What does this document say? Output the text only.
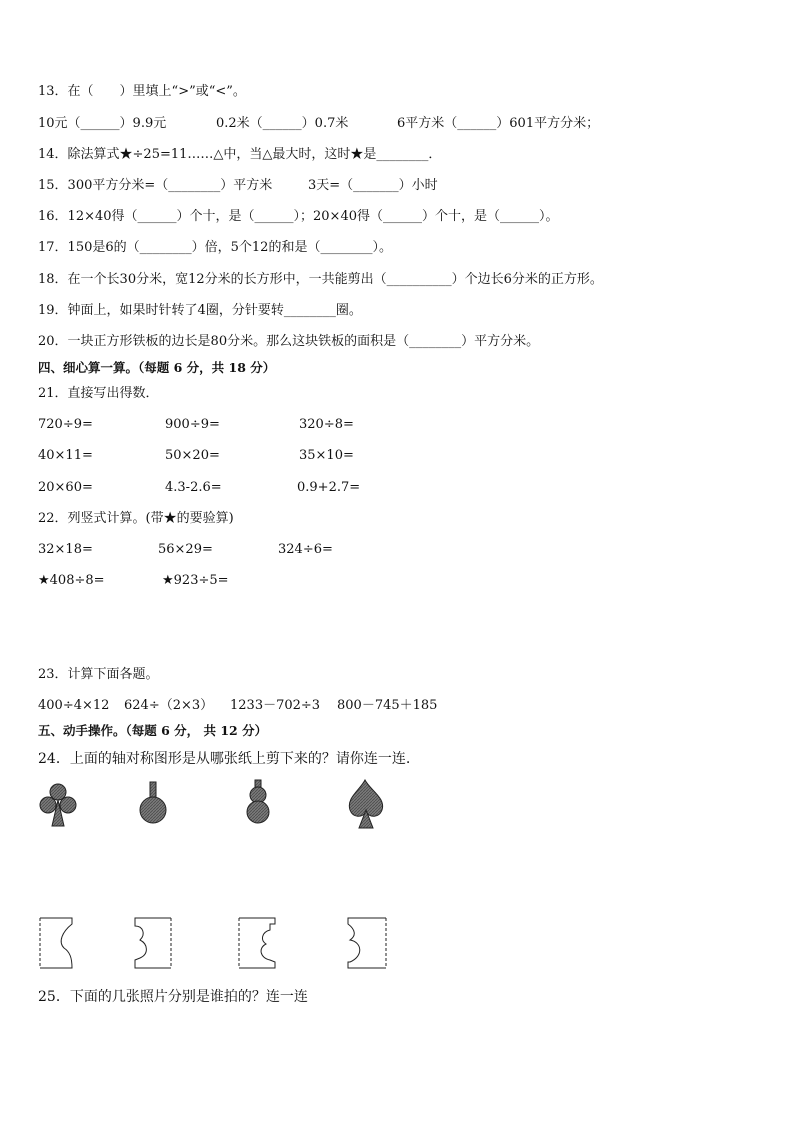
13．在（　　）里填上“>”或“<”。
10元（______）9.9元	0.2米（______）0.7米	6平方米（______）601平方分米；
14．除法算式★÷25=11……△中，当△最大时，这时★是________．
15．300平方分米=（________）平方米	3天=（_______）小时
16．12×40得（______）个十，是（______）；20×40得（______）个十，是（______）。
17．150是6的（________）倍，5个12的和是（________）。
18．在一个长30分米，宽12分米的长方形中，一共能剪出（__________）个边长6分米的正方形。
19．钟面上，如果时针转了4圈，分针要转________圈。
20．一块正方形铁板的边长是80分米。那么这块铁板的面积是（________）平方分米。
四、细心算一算。（每题 6 分，共 18 分）
21．直接写出得数．
720÷9=	900÷9=	320÷8=
40×11=	50×20=	35×10=
20×60=	4.3-2.6=	0.9+2.7=
22．列竖式计算。(带★的要验算)
32×18=	56×29=	324÷6=
★408÷8=	★923÷5=
23．计算下面各题。
400÷4×12 624÷（2×3） 1233－702÷3 800－745＋185
五、动手操作。（每题 6 分， 共 12 分）
24．上面的轴对称图形是从哪张纸上剪下来的？请你连一连.
25．下面的几张照片分别是谁拍的？连一连
